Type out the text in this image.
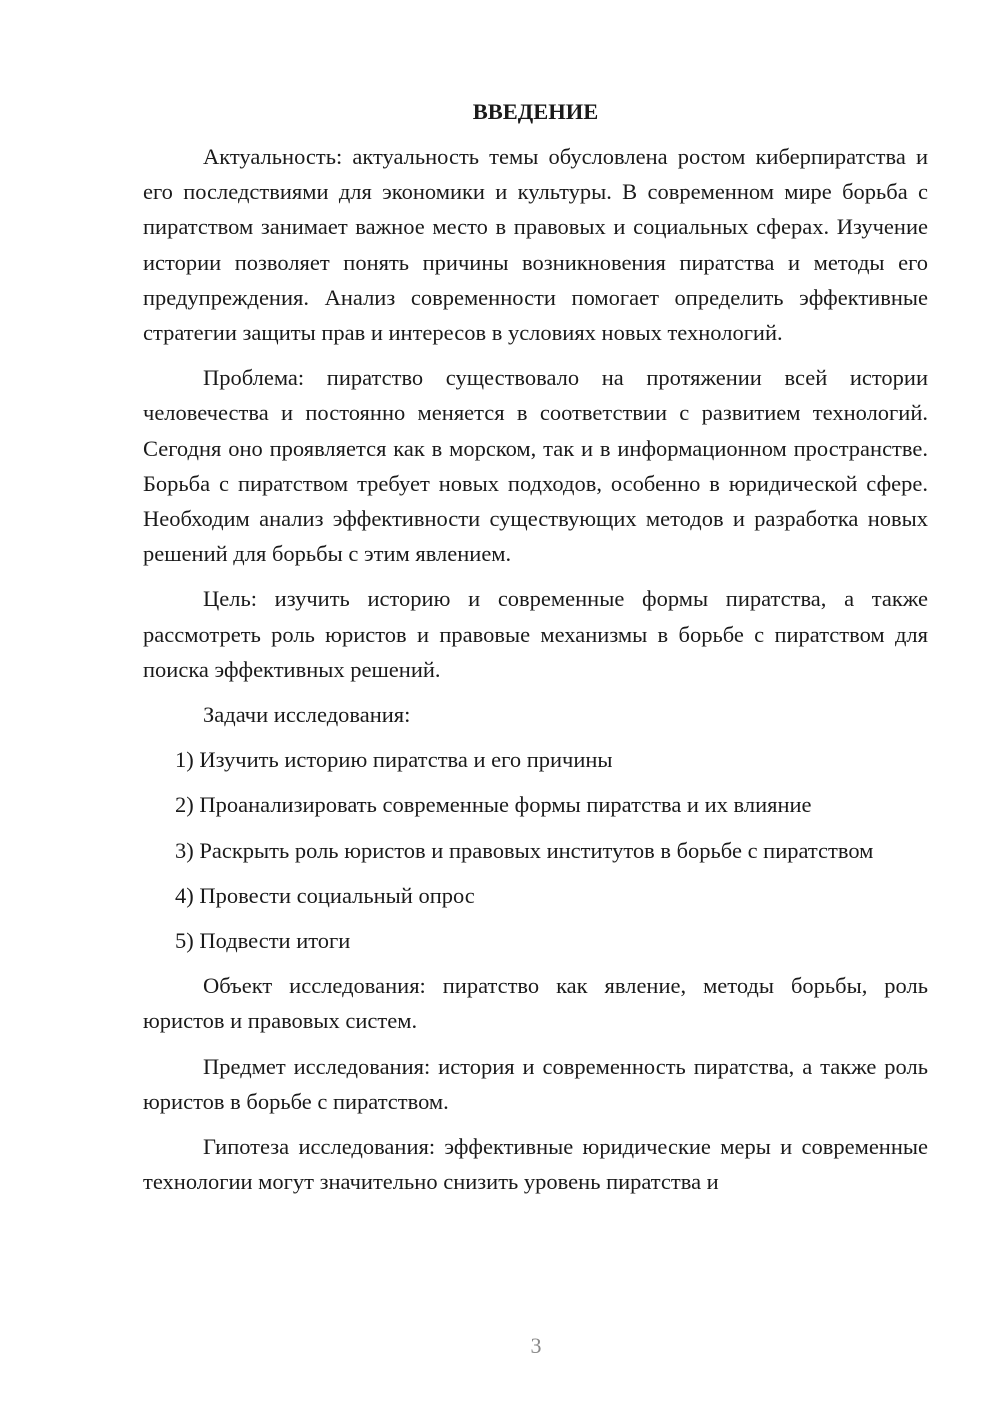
ВВЕДЕНИЕ
Актуальность: актуальность темы обусловлена ростом киберпиратства и его последствиями для экономики и культуры. В современном мире борьба с пиратством занимает важное место в правовых и социальных сферах. Изучение истории позволяет понять причины возникновения пиратства и методы его предупреждения. Анализ современности помогает определить эффективные стратегии защиты прав и интересов в условиях новых технологий.
Проблема: пиратство существовало на протяжении всей истории человечества и постоянно меняется в соответствии с развитием технологий. Сегодня оно проявляется как в морском, так и в информационном пространстве. Борьба с пиратством требует новых подходов, особенно в юридической сфере. Необходим анализ эффективности существующих методов и разработка новых решений для борьбы с этим явлением.
Цель: изучить историю и современные формы пиратства, а также рассмотреть роль юристов и правовые механизмы в борьбе с пиратством для поиска эффективных решений.
Задачи исследования:
1) Изучить историю пиратства и его причины
2) Проанализировать современные формы пиратства и их влияние
3) Раскрыть роль юристов и правовых институтов в борьбе с пиратством
4) Провести социальный опрос
5) Подвести итоги
Объект исследования: пиратство как явление, методы борьбы, роль юристов и правовых систем.
Предмет исследования: история и современность пиратства, а также роль юристов в борьбе с пиратством.
Гипотеза исследования: эффективные юридические меры и современные технологии могут значительно снизить уровень пиратства и
3
